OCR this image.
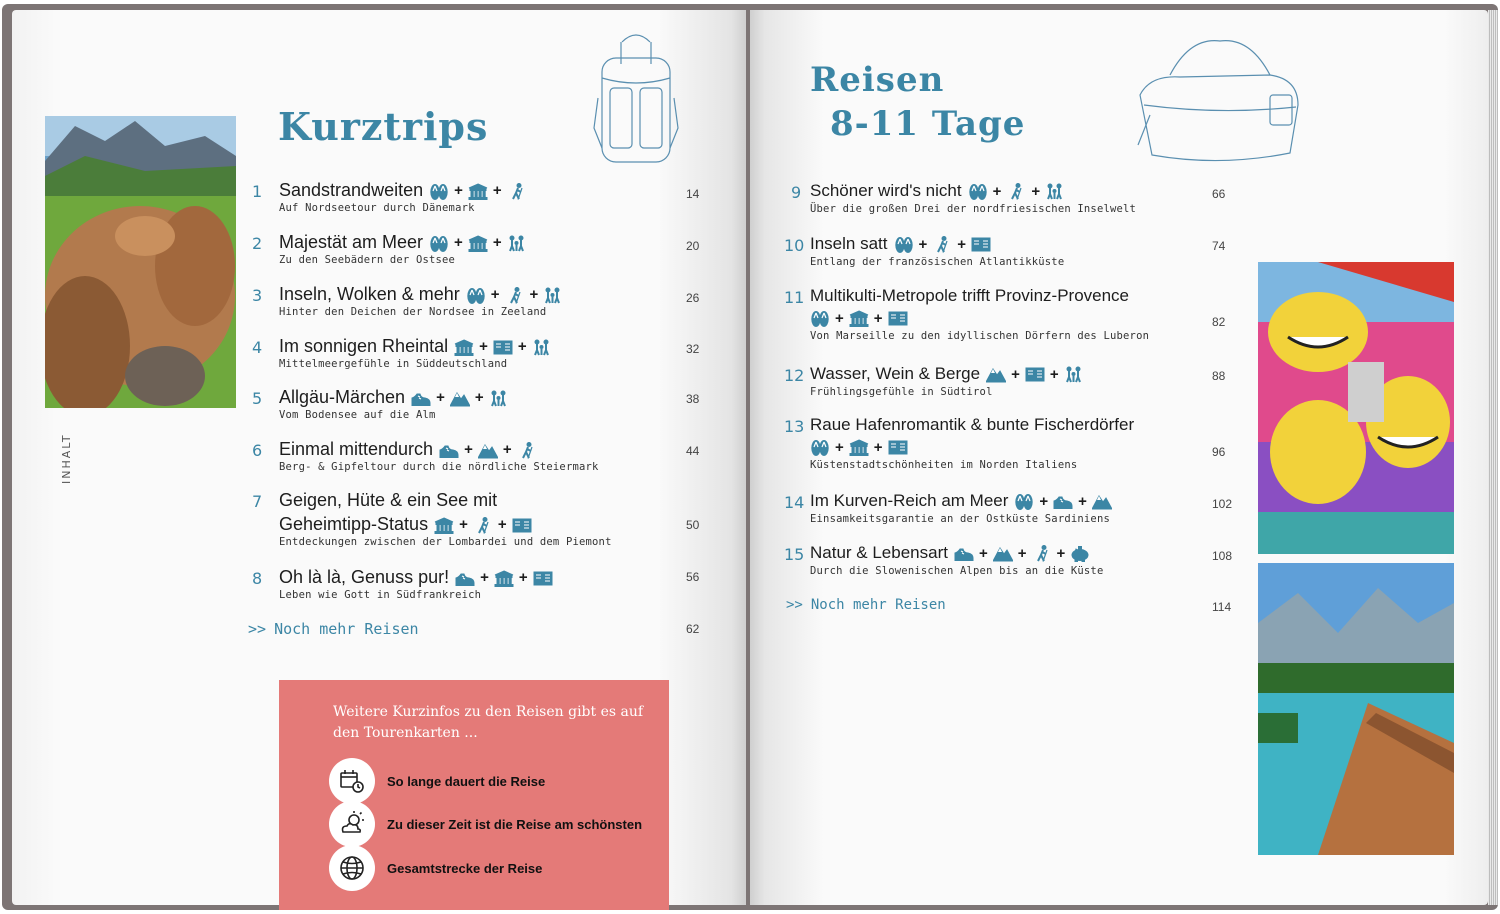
INHALT
Kurztrips
1 Sandstrandweiten + +
Auf Nordseetour durch Dänemark
14
2 Majestät am Meer + +
Zu den Seebädern der Ostsee
20
3 Inseln, Wolken & mehr + +
Hinter den Deichen der Nordsee in Zeeland
26
4 Im sonnigen Rheintal + +
Mittelmeergefühle in Süddeutschland
32
5 Allgäu-Märchen + +
Vom Bodensee auf die Alm
38
6 Einmal mittendurch + +
Berg- & Gipfeltour durch die nördliche Steiermark
44
7 Geigen, Hüte & ein See mit
Geheimtipp-Status + +
Entdeckungen zwischen der Lombardei und dem Piemont
50
8 Oh là là, Genuss pur! + +
Leben wie Gott in Südfrankreich
56
>> Noch mehr Reisen	62
Weitere Kurzinfos zu den Reisen gibt es auf den Tourenkarten ...
So lange dauert die Reise
Zu dieser Zeit ist die Reise am schönsten
Gesamtstrecke der Reise
Reisen
8-11 Tage
9 Schöner wird's nicht + +
Über die großen Drei der nordfriesischen Inselwelt
66
10 Inseln satt + +
Entlang der französischen Atlantikküste
74
11 Multikulti-Metropole trifft Provinz-Provence
+ +
Von Marseille zu den idyllischen Dörfern des Luberon
82
12 Wasser, Wein & Berge + +
Frühlingsgefühle in Südtirol
88
13 Raue Hafenromantik & bunte Fischerdörfer
+ +
Küstenstadtschönheiten im Norden Italiens
96
14 Im Kurven-Reich am Meer + +
Einsamkeitsgarantie an der Ostküste Sardiniens
102
15 Natur & Lebensart + + +
Durch die Slowenischen Alpen bis an die Küste
108
>> Noch mehr Reisen	114
